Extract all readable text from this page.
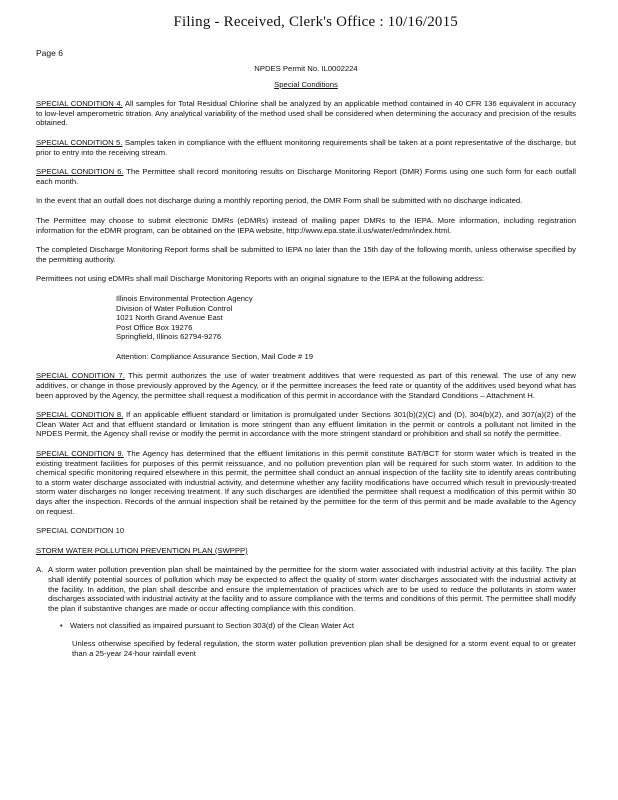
Filing - Received, Clerk's Office : 10/16/2015
Page 6
NPDES Permit No. IL0002224
Special Conditions

SPECIAL CONDITION 4. All samples for Total Residual Chlorine shall be analyzed by an applicable method contained in 40 CFR 136 equivalent in accuracy to low-level amperometric titration. Any analytical variability of the method used shall be considered when determining the accuracy and precision of the results obtained.

SPECIAL CONDITION 5. Samples taken in compliance with the effluent monitoring requirements shall be taken at a point representative of the discharge, but prior to entry into the receiving stream.

SPECIAL CONDITION 6. The Permittee shall record monitoring results on Discharge Monitoring Report (DMR) Forms using one such form for each outfall each month.

In the event that an outfall does not discharge during a monthly reporting period, the DMR Form shall be submitted with no discharge indicated.

The Permittee may choose to submit electronic DMRs (eDMRs) instead of mailing paper DMRs to the IEPA. More information, including registration information for the eDMR program, can be obtained on the IEPA website, http://www.epa.state.il.us/water/edmr/index.html.

The completed Discharge Monitoring Report forms shall be submitted to IEPA no later than the 15th day of the following month, unless otherwise specified by the permitting authority.

Permittees not using eDMRs shall mail Discharge Monitoring Reports with an original signature to the IEPA at the following address:

Illinois Environmental Protection Agency
Division of Water Pollution Control
1021 North Grand Avenue East
Post Office Box 19276
Springfield, Illinois 62794-9276
Attention: Compliance Assurance Section, Mail Code # 19

SPECIAL CONDITION 7. This permit authorizes the use of water treatment additives that were requested as part of this renewal. The use of any new additives, or change in those previously approved by the Agency, or if the permittee increases the feed rate or quantity of the additives used beyond what has been approved by the Agency, the permittee shall request a modification of this permit in accordance with the Standard Conditions – Attachment H.

SPECIAL CONDITION 8. If an applicable effluent standard or limitation is promulgated under Sections 301(b)(2)(C) and (D), 304(b)(2), and 307(a)(2) of the Clean Water Act and that effluent standard or limitation is more stringent than any effluent limitation in the permit or controls a pollutant not limited in the NPDES Permit, the Agency shall revise or modify the permit in accordance with the more stringent standard or prohibition and shall so notify the permittee.

SPECIAL CONDITION 9. The Agency has determined that the effluent limitations in this permit constitute BAT/BCT for storm water which is treated in the existing treatment facilities for purposes of this permit reissuance, and no pollution prevention plan will be required for such storm water. In addition to the chemical specific monitoring required elsewhere in this permit, the permittee shall conduct an annual inspection of the facility site to identify areas contributing to a storm water discharge associated with industrial activity, and determine whether any facility modifications have occurred which result in previously-treated storm water discharges no longer receiving treatment. If any such discharges are identified the permittee shall request a modification of this permit within 30 days after the inspection. Records of the annual inspection shall be retained by the permittee for the term of this permit and be made available to the Agency on request.

SPECIAL CONDITION 10

STORM WATER POLLUTION PREVENTION PLAN (SWPPP)

A. A storm water pollution prevention plan shall be maintained by the permittee for the storm water associated with industrial activity at this facility. The plan shall identify potential sources of pollution which may be expected to affect the quality of storm water discharges associated with the industrial activity at the facility. In addition, the plan shall describe and ensure the implementation of practices which are to be used to reduce the pollutants in storm water discharges associated with industrial activity at the facility and to assure compliance with the terms and conditions of this permit. The permittee shall modify the plan if substantive changes are made or occur affecting compliance with this condition.
• Waters not classified as impaired pursuant to Section 303(d) of the Clean Water Act
Unless otherwise specified by federal regulation, the storm water pollution prevention plan shall be designed for a storm event equal to or greater than a 25-year 24-hour rainfall event
